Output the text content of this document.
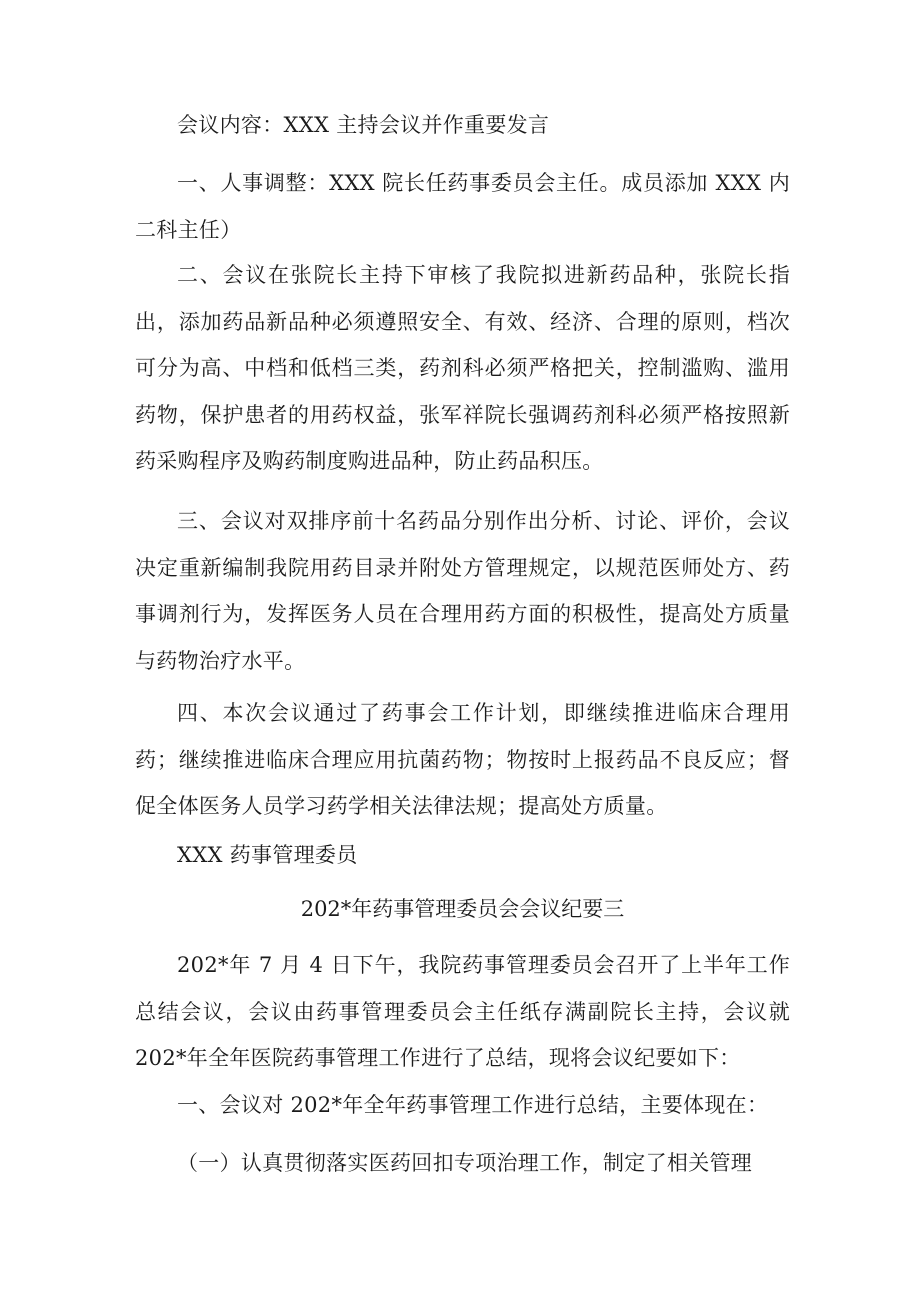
会议内容：XXX 主持会议并作重要发言

一、人事调整：XXX 院长任药事委员会主任。成员添加 XXX 内二科主任）

二、会议在张院长主持下审核了我院拟进新药品种，张院长指出，添加药品新品种必须遵照安全、有效、经济、合理的原则，档次可分为高、中档和低档三类，药剂科必须严格把关，控制滥购、滥用药物，保护患者的用药权益，张军祥院长强调药剂科必须严格按照新药采购程序及购药制度购进品种，防止药品积压。

三、会议对双排序前十名药品分别作出分析、讨论、评价，会议决定重新编制我院用药目录并附处方管理规定，以规范医师处方、药事调剂行为，发挥医务人员在合理用药方面的积极性，提高处方质量与药物治疗水平。

四、本次会议通过了药事会工作计划，即继续推进临床合理用药；继续推进临床合理应用抗菌药物；物按时上报药品不良反应；督促全体医务人员学习药学相关法律法规；提高处方质量。

XXX 药事管理委员

202*年药事管理委员会会议纪要三

202*年 7 月 4 日下午，我院药事管理委员会召开了上半年工作总结会议，会议由药事管理委员会主任纸存满副院长主持，会议就 202*年全年医院药事管理工作进行了总结，现将会议纪要如下：

一、会议对 202*年全年药事管理工作进行总结，主要体现在：

（一）认真贯彻落实医药回扣专项治理工作，制定了相关管理
